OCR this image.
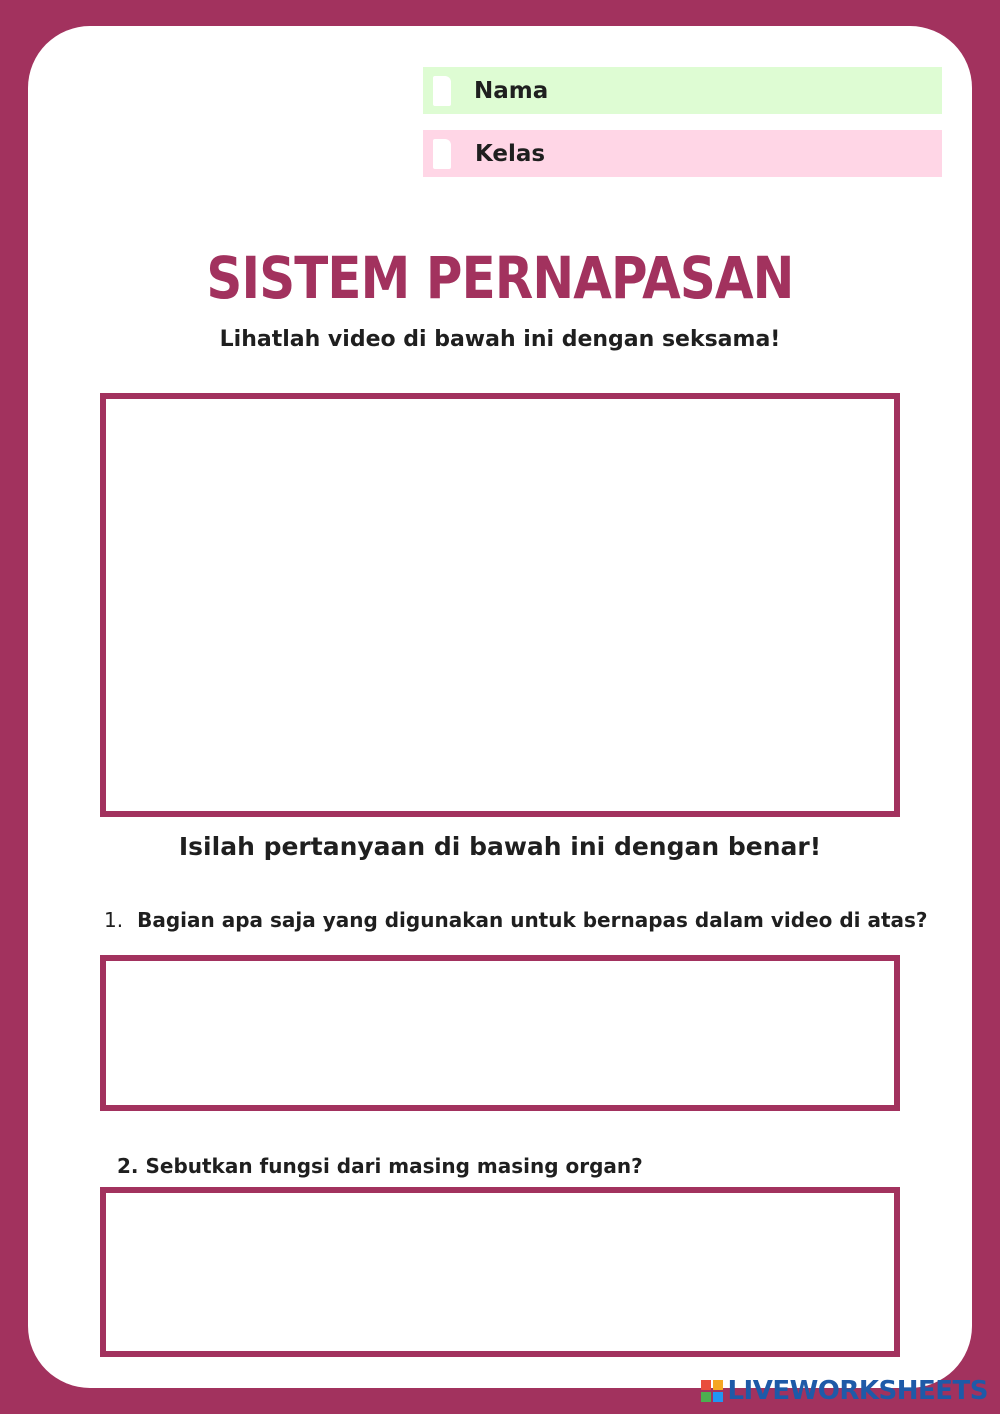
Nama
Kelas
SISTEM PERNAPASAN
Lihatlah video di bawah ini dengan seksama!
Isilah pertanyaan di bawah ini dengan benar!
1. Bagian apa saja yang digunakan untuk bernapas dalam video di atas?
2. Sebutkan fungsi dari masing masing organ?
LIVEWORKSHEETS
